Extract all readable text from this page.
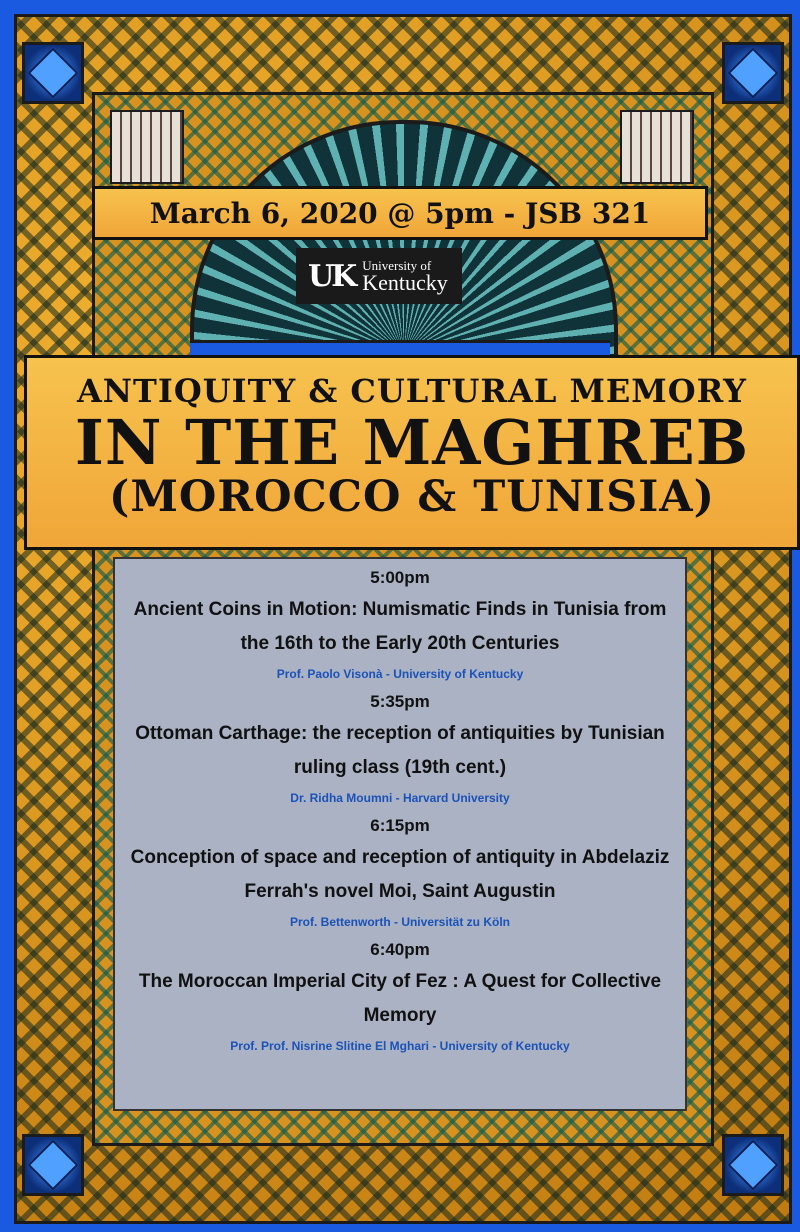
March 6, 2020 @ 5pm - JSB 321
UK University of
Kentucky
ANTIQUITY & CULTURAL MEMORY
IN THE MAGHREB
(MOROCCO & TUNISIA)
5:00pm
Ancient Coins in Motion: Numismatic Finds in Tunisia from the 16th to the Early 20th Centuries
Prof. Paolo Visonà - University of Kentucky
5:35pm
Ottoman Carthage: the reception of antiquities by Tunisian ruling class (19th cent.)
Dr. Ridha Moumni - Harvard University
6:15pm
Conception of space and reception of antiquity in Abdelaziz Ferrah's novel Moi, Saint Augustin
Prof. Bettenworth - Universität zu Köln
6:40pm
The Moroccan Imperial City of Fez : A Quest for Collective Memory
Prof. Prof. Nisrine Slitine El Mghari - University of Kentucky
